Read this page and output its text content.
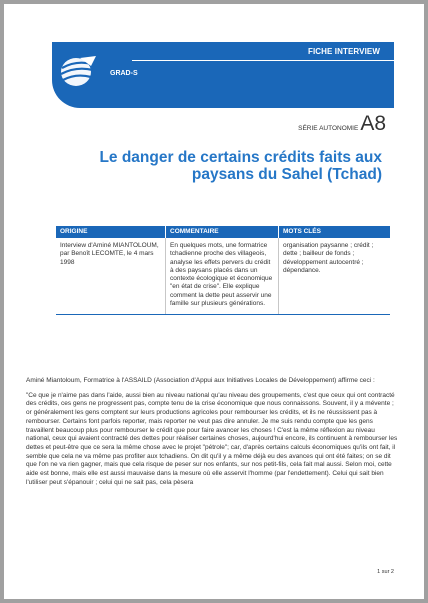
FICHE INTERVIEW
GRAD-S
SÉRIE AUTONOMIE A8
Le danger de certains crédits faits aux paysans du Sahel (Tchad)
ORIGINE	COMMENTAIRE	MOTS CLÉS
Interview d'Aminé MIANTOLOUM, par Benoît LECOMTE, le 4 mars 1998
En quelques mots, une formatrice tchadienne proche des villageois, analyse les effets pervers du crédit à des paysans placés dans un contexte écologique et économique "en état de crise". Elle explique comment la dette peut asservir une famille sur plusieurs générations.
organisation paysanne ; crédit ; dette ; bailleur de fonds ; développement autocentré ; dépendance.

Aminé Miantoloum, Formatrice à l'ASSAILD (Association d'Appui aux Initiatives Locales de Développement) affirme ceci :

"Ce que je n'aime pas dans l'aide, aussi bien au niveau national qu'au niveau des groupements, c'est que ceux qui ont contracté des crédits, ces gens ne progressent pas, compte tenu de la crise économique que nous connaissons. Souvent, il y a mévente ; or généralement les gens comptent sur leurs productions agricoles pour rembourser les crédits, et ils ne réussissent pas à rembourser. Certains font parfois reporter, mais reporter ne veut pas dire annuler. Je me suis rendu compte que les gens travaillent beaucoup plus pour rembourser le crédit que pour faire avancer les choses ! C'est la même réflexion au niveau national, ceux qui avaient contracté des dettes pour réaliser certaines choses, aujourd'hui encore, ils continuent à rembourser les dettes et peut-être que ce sera la même chose avec le projet "pétrole"; car, d'après certains calculs économiques qu'ils ont fait, il semble que cela ne va même pas profiter aux tchadiens. On dit qu'il y a même déjà eu des avances qui ont été faites; on se dit que l'on ne va rien gagner, mais que cela risque de peser sur nos enfants, sur nos petit-fils, cela fait mal aussi. Selon moi, cette aide est bonne, mais elle est aussi mauvaise dans la mesure où elle asservit l'homme (par l'endettement). Celui qui sait bien l'utiliser peut s'épanouir ; celui qui ne sait pas, cela pèsera

1 sur 2
